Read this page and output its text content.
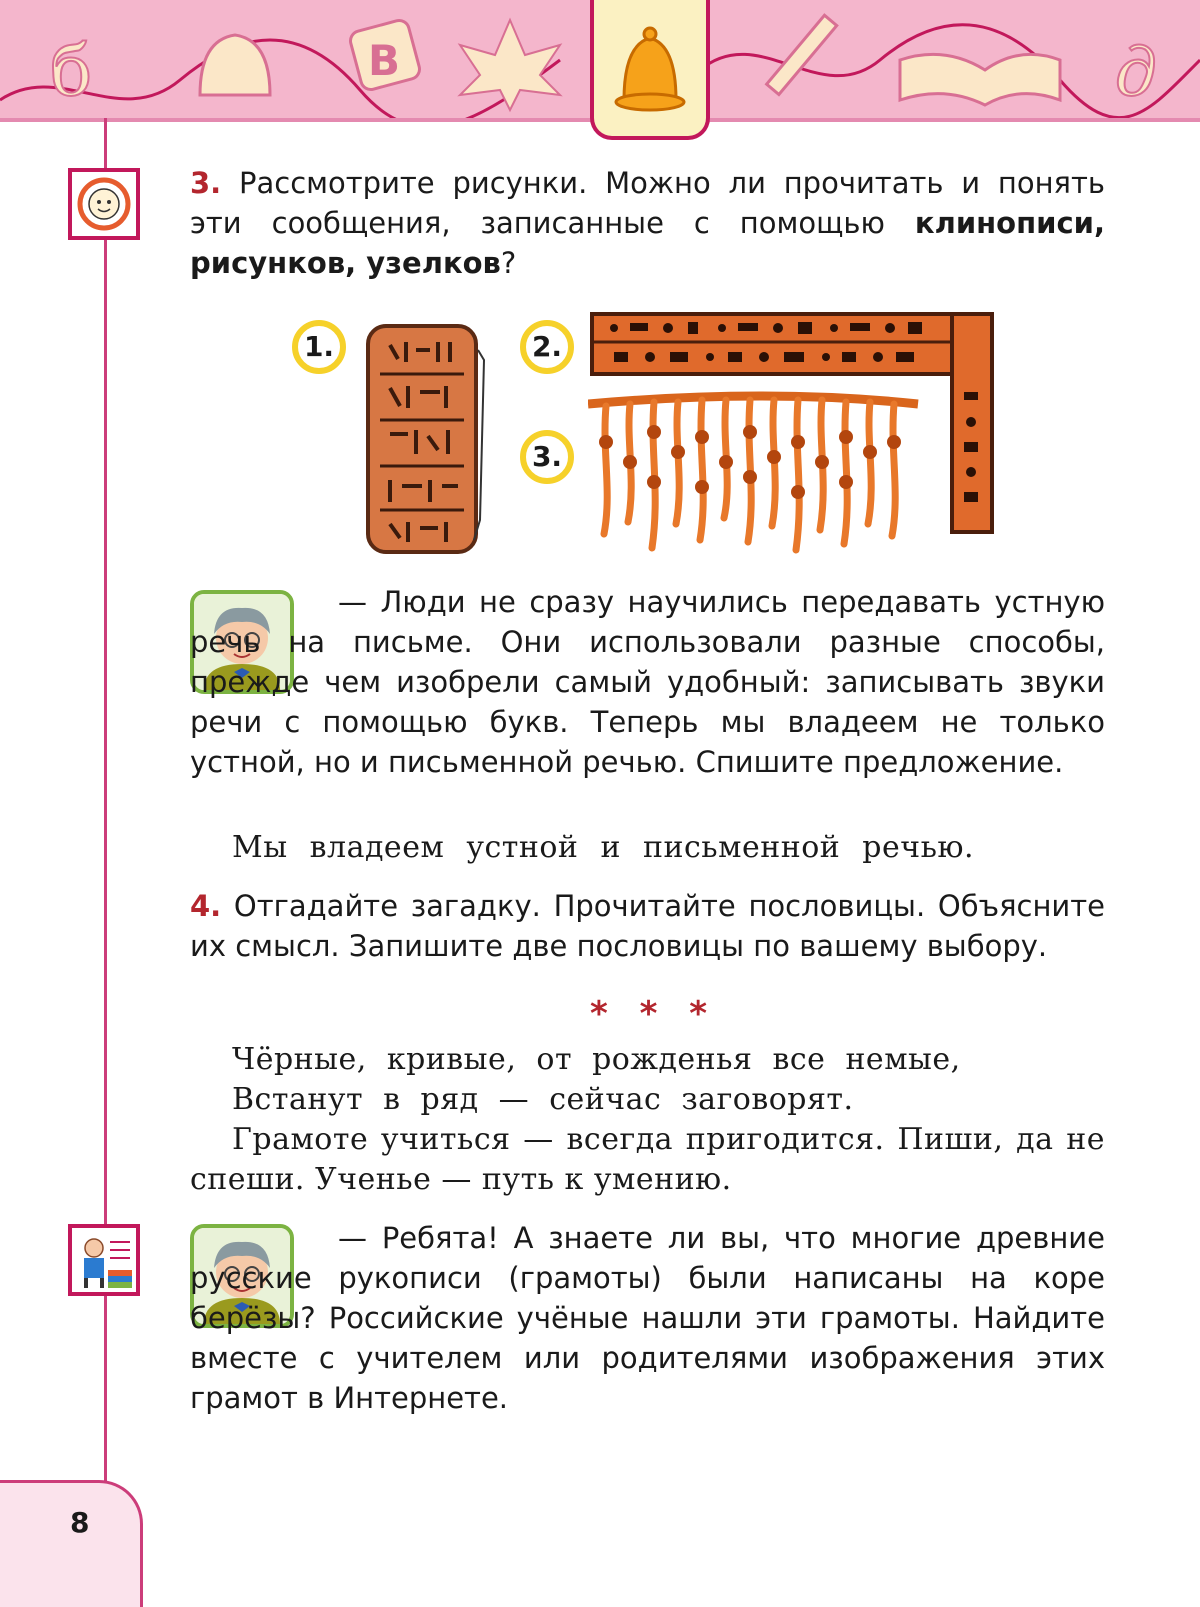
б	В	д

3. Рассмотрите рисунки. Можно ли прочитать и понять эти сообщения, записанные с помощью клинописи, рисунков, узелков?

1.	2.
3.

— Люди не сразу научились передавать устную речь на письме. Они использовали разные способы, прежде чем изобрели самый удобный: записывать звуки речи с помощью букв. Теперь мы владеем не только устной, но и письменной речью. Спишите предложение.

Мы владеем устной и письменной речью.

4. Отгадайте загадку. Прочитайте пословицы. Объясните их смысл. Запишите две пословицы по вашему выбору.

* * *

Чёрные, кривые, от рожденья все немые,

Встанут в ряд — сейчас заговорят.

Грамоте учиться — всегда пригодится. Пиши, да не спеши. Ученье — путь к умению.

— Ребята! А знаете ли вы, что многие древние русские рукописи (грамоты) были написаны на коре берёзы? Российские учёные нашли эти грамоты. Найдите вместе с учителем или родителями изображения этих грамот в Интернете.

8
